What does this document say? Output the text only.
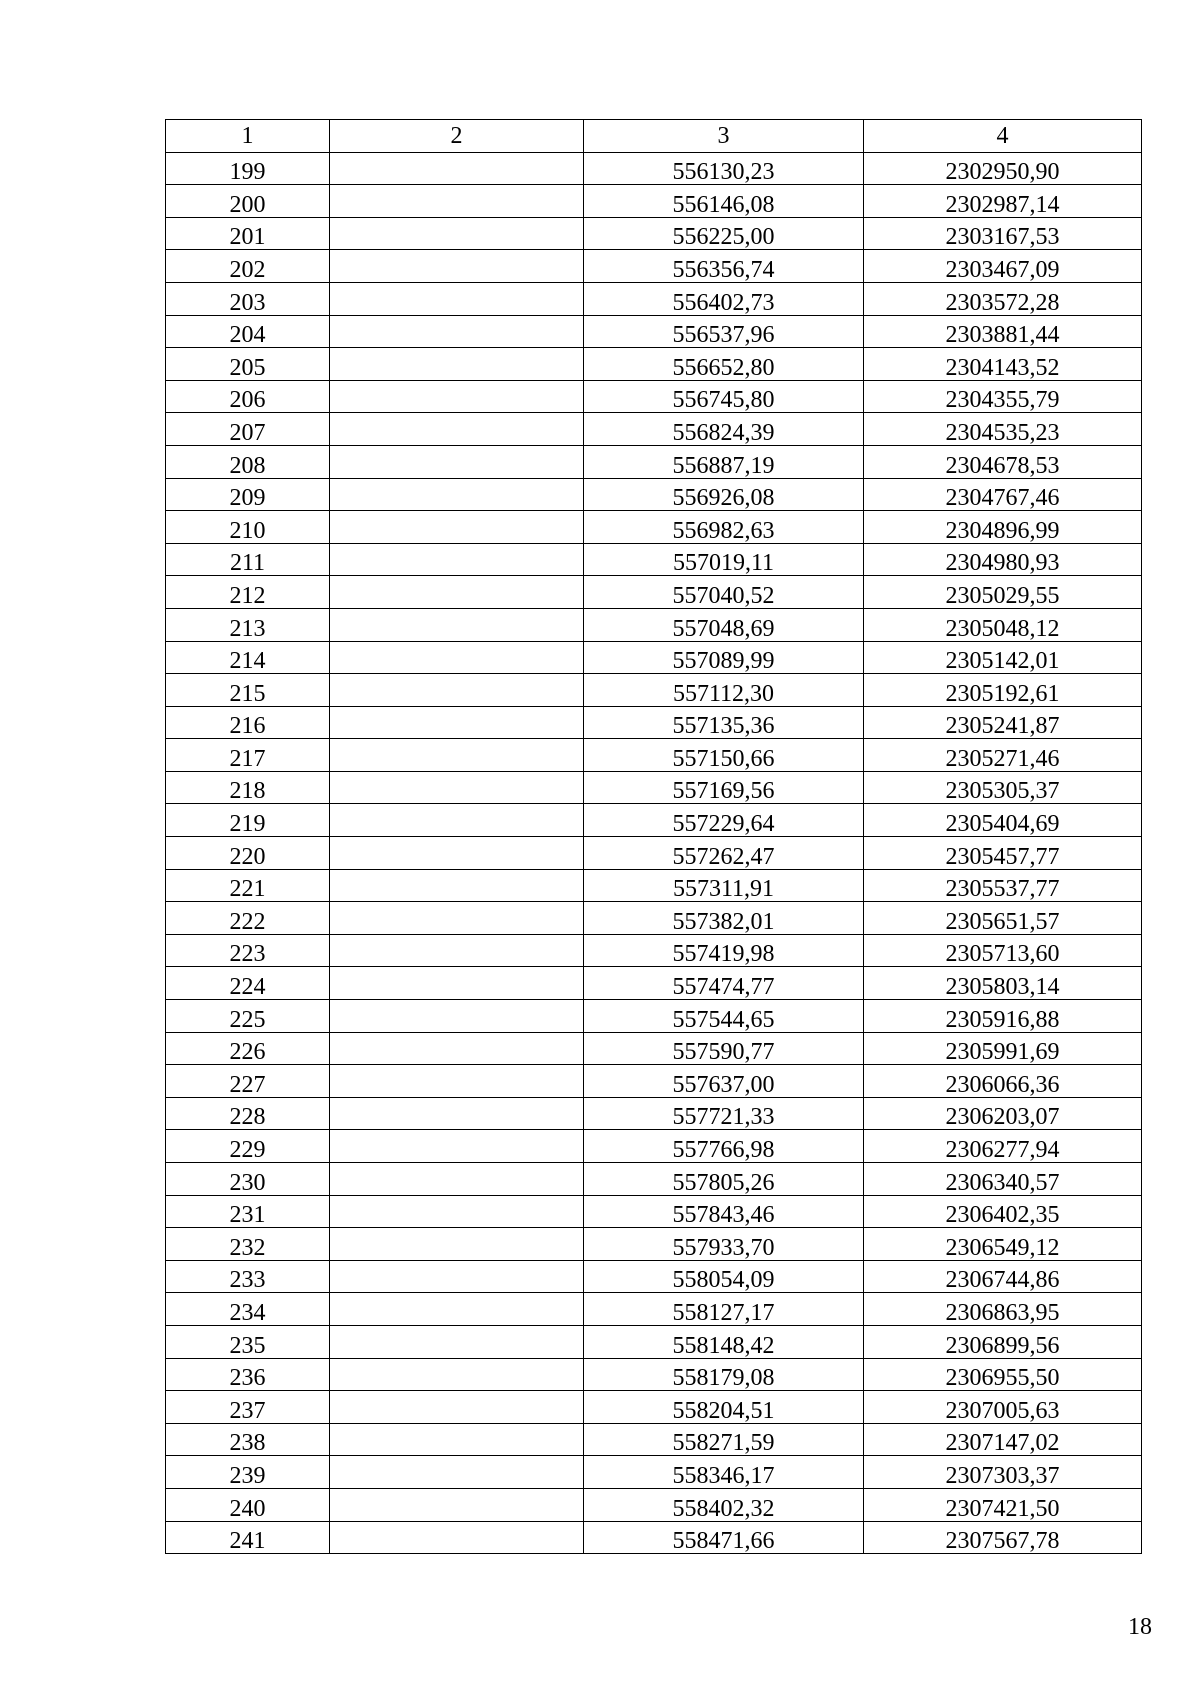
1	2	3	4
199		556130,23	2302950,90
200		556146,08	2302987,14
201		556225,00	2303167,53
202		556356,74	2303467,09
203		556402,73	2303572,28
204		556537,96	2303881,44
205		556652,80	2304143,52
206		556745,80	2304355,79
207		556824,39	2304535,23
208		556887,19	2304678,53
209		556926,08	2304767,46
210		556982,63	2304896,99
211		557019,11	2304980,93
212		557040,52	2305029,55
213		557048,69	2305048,12
214		557089,99	2305142,01
215		557112,30	2305192,61
216		557135,36	2305241,87
217		557150,66	2305271,46
218		557169,56	2305305,37
219		557229,64	2305404,69
220		557262,47	2305457,77
221		557311,91	2305537,77
222		557382,01	2305651,57
223		557419,98	2305713,60
224		557474,77	2305803,14
225		557544,65	2305916,88
226		557590,77	2305991,69
227		557637,00	2306066,36
228		557721,33	2306203,07
229		557766,98	2306277,94
230		557805,26	2306340,57
231		557843,46	2306402,35
232		557933,70	2306549,12
233		558054,09	2306744,86
234		558127,17	2306863,95
235		558148,42	2306899,56
236		558179,08	2306955,50
237		558204,51	2307005,63
238		558271,59	2307147,02
239		558346,17	2307303,37
240		558402,32	2307421,50
241		558471,66	2307567,78
18
